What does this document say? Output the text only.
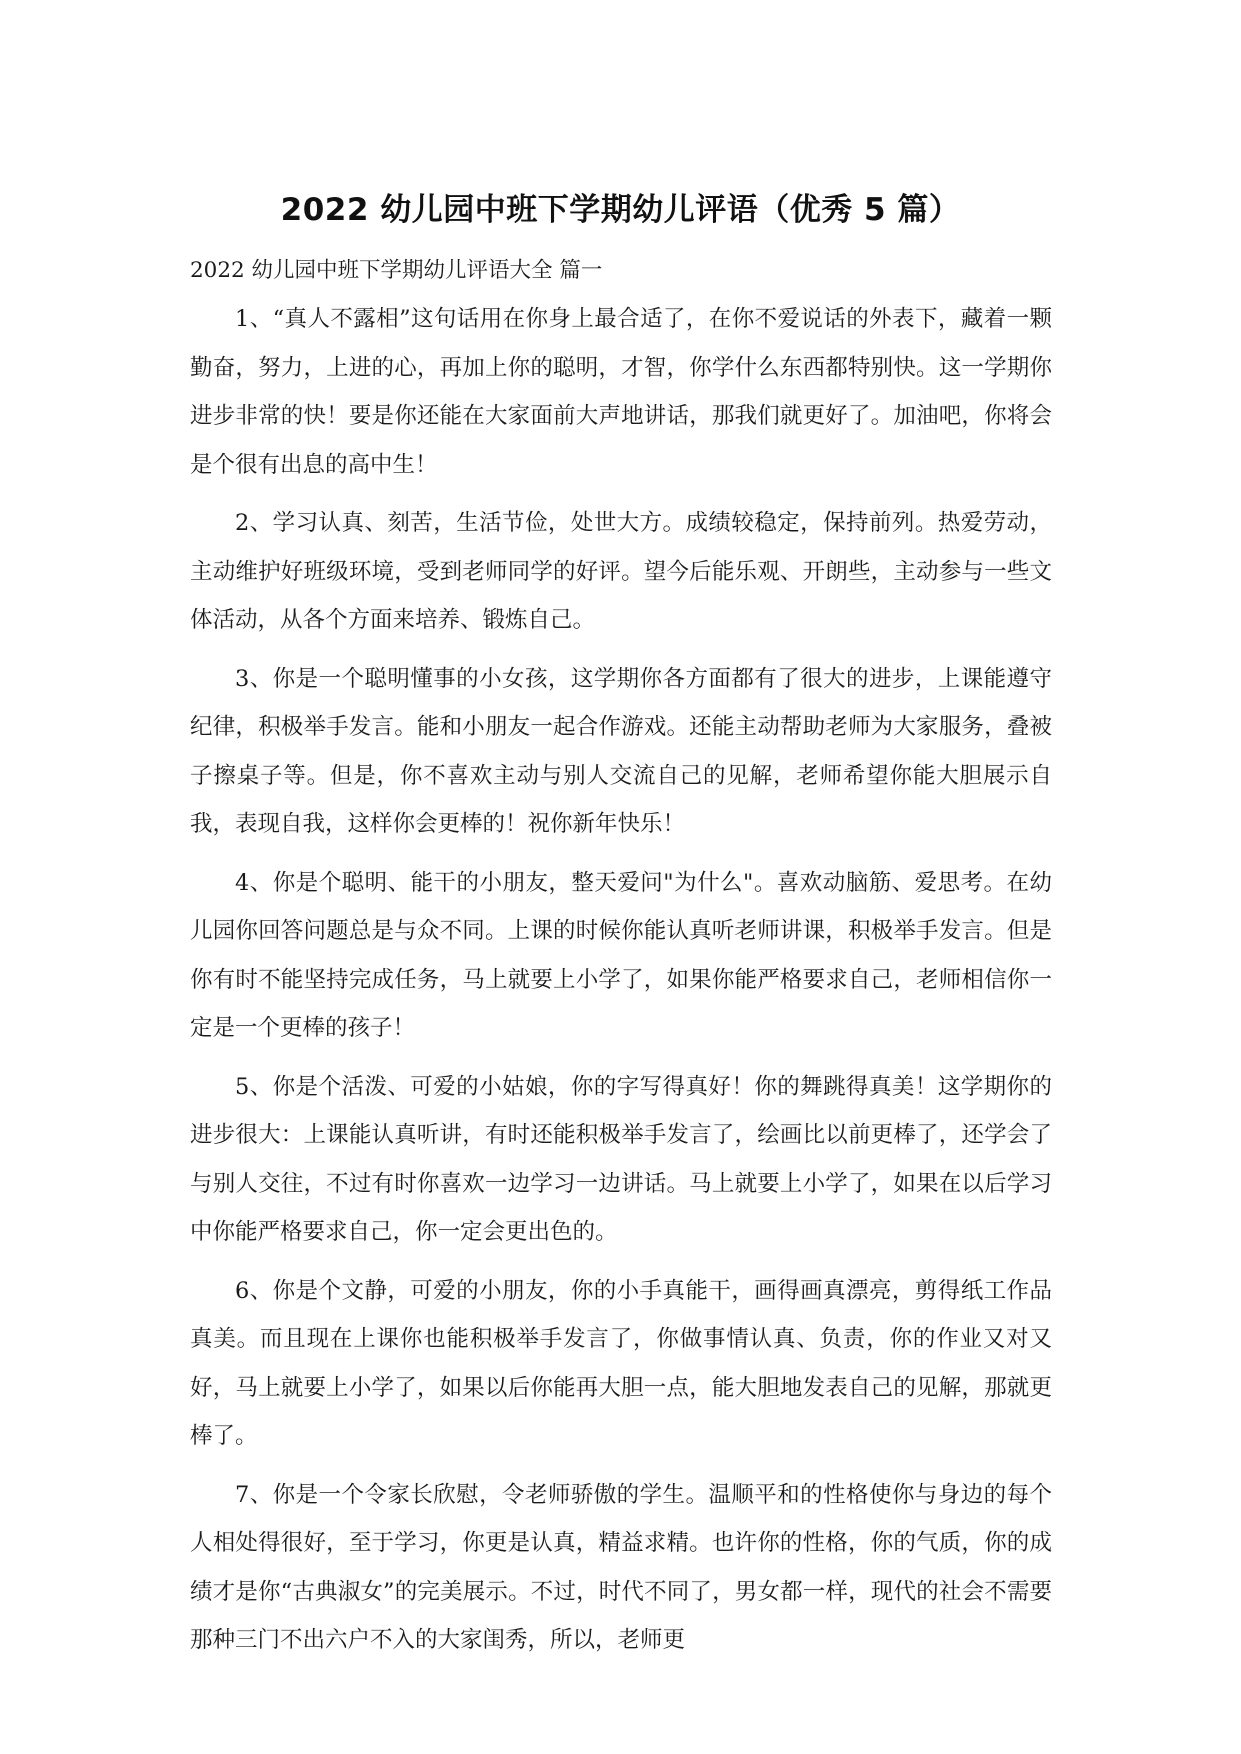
2022 幼儿园中班下学期幼儿评语（优秀 5 篇）
2022 幼儿园中班下学期幼儿评语大全 篇一

1、“真人不露相”这句话用在你身上最合适了，在你不爱说话的外表下，藏着一颗勤奋，努力，上进的心，再加上你的聪明，才智，你学什么东西都特别快。这一学期你进步非常的快！要是你还能在大家面前大声地讲话，那我们就更好了。加油吧，你将会是个很有出息的高中生！

2、学习认真、刻苦，生活节俭，处世大方。成绩较稳定，保持前列。热爱劳动，主动维护好班级环境，受到老师同学的好评。望今后能乐观、开朗些，主动参与一些文体活动，从各个方面来培养、锻炼自己。

3、你是一个聪明懂事的小女孩，这学期你各方面都有了很大的进步，上课能遵守纪律，积极举手发言。能和小朋友一起合作游戏。还能主动帮助老师为大家服务，叠被子擦桌子等。但是，你不喜欢主动与别人交流自己的见解，老师希望你能大胆展示自我，表现自我，这样你会更棒的！祝你新年快乐！

4、你是个聪明、能干的小朋友，整天爱问"为什么"。喜欢动脑筋、爱思考。在幼儿园你回答问题总是与众不同。上课的时候你能认真听老师讲课，积极举手发言。但是你有时不能坚持完成任务，马上就要上小学了，如果你能严格要求自己，老师相信你一定是一个更棒的孩子！

5、你是个活泼、可爱的小姑娘，你的字写得真好！你的舞跳得真美！这学期你的进步很大：上课能认真听讲，有时还能积极举手发言了，绘画比以前更棒了，还学会了与别人交往，不过有时你喜欢一边学习一边讲话。马上就要上小学了，如果在以后学习中你能严格要求自己，你一定会更出色的。

6、你是个文静，可爱的小朋友，你的小手真能干，画得画真漂亮，剪得纸工作品真美。而且现在上课你也能积极举手发言了，你做事情认真、负责，你的作业又对又好，马上就要上小学了，如果以后你能再大胆一点，能大胆地发表自己的见解，那就更棒了。

7、你是一个令家长欣慰，令老师骄傲的学生。温顺平和的性格使你与身边的每个人相处得很好，至于学习，你更是认真，精益求精。也许你的性格，你的气质，你的成绩才是你“古典淑女”的完美展示。不过，时代不同了，男女都一样，现代的社会不需要那种三门不出六户不入的大家闺秀，所以，老师更
